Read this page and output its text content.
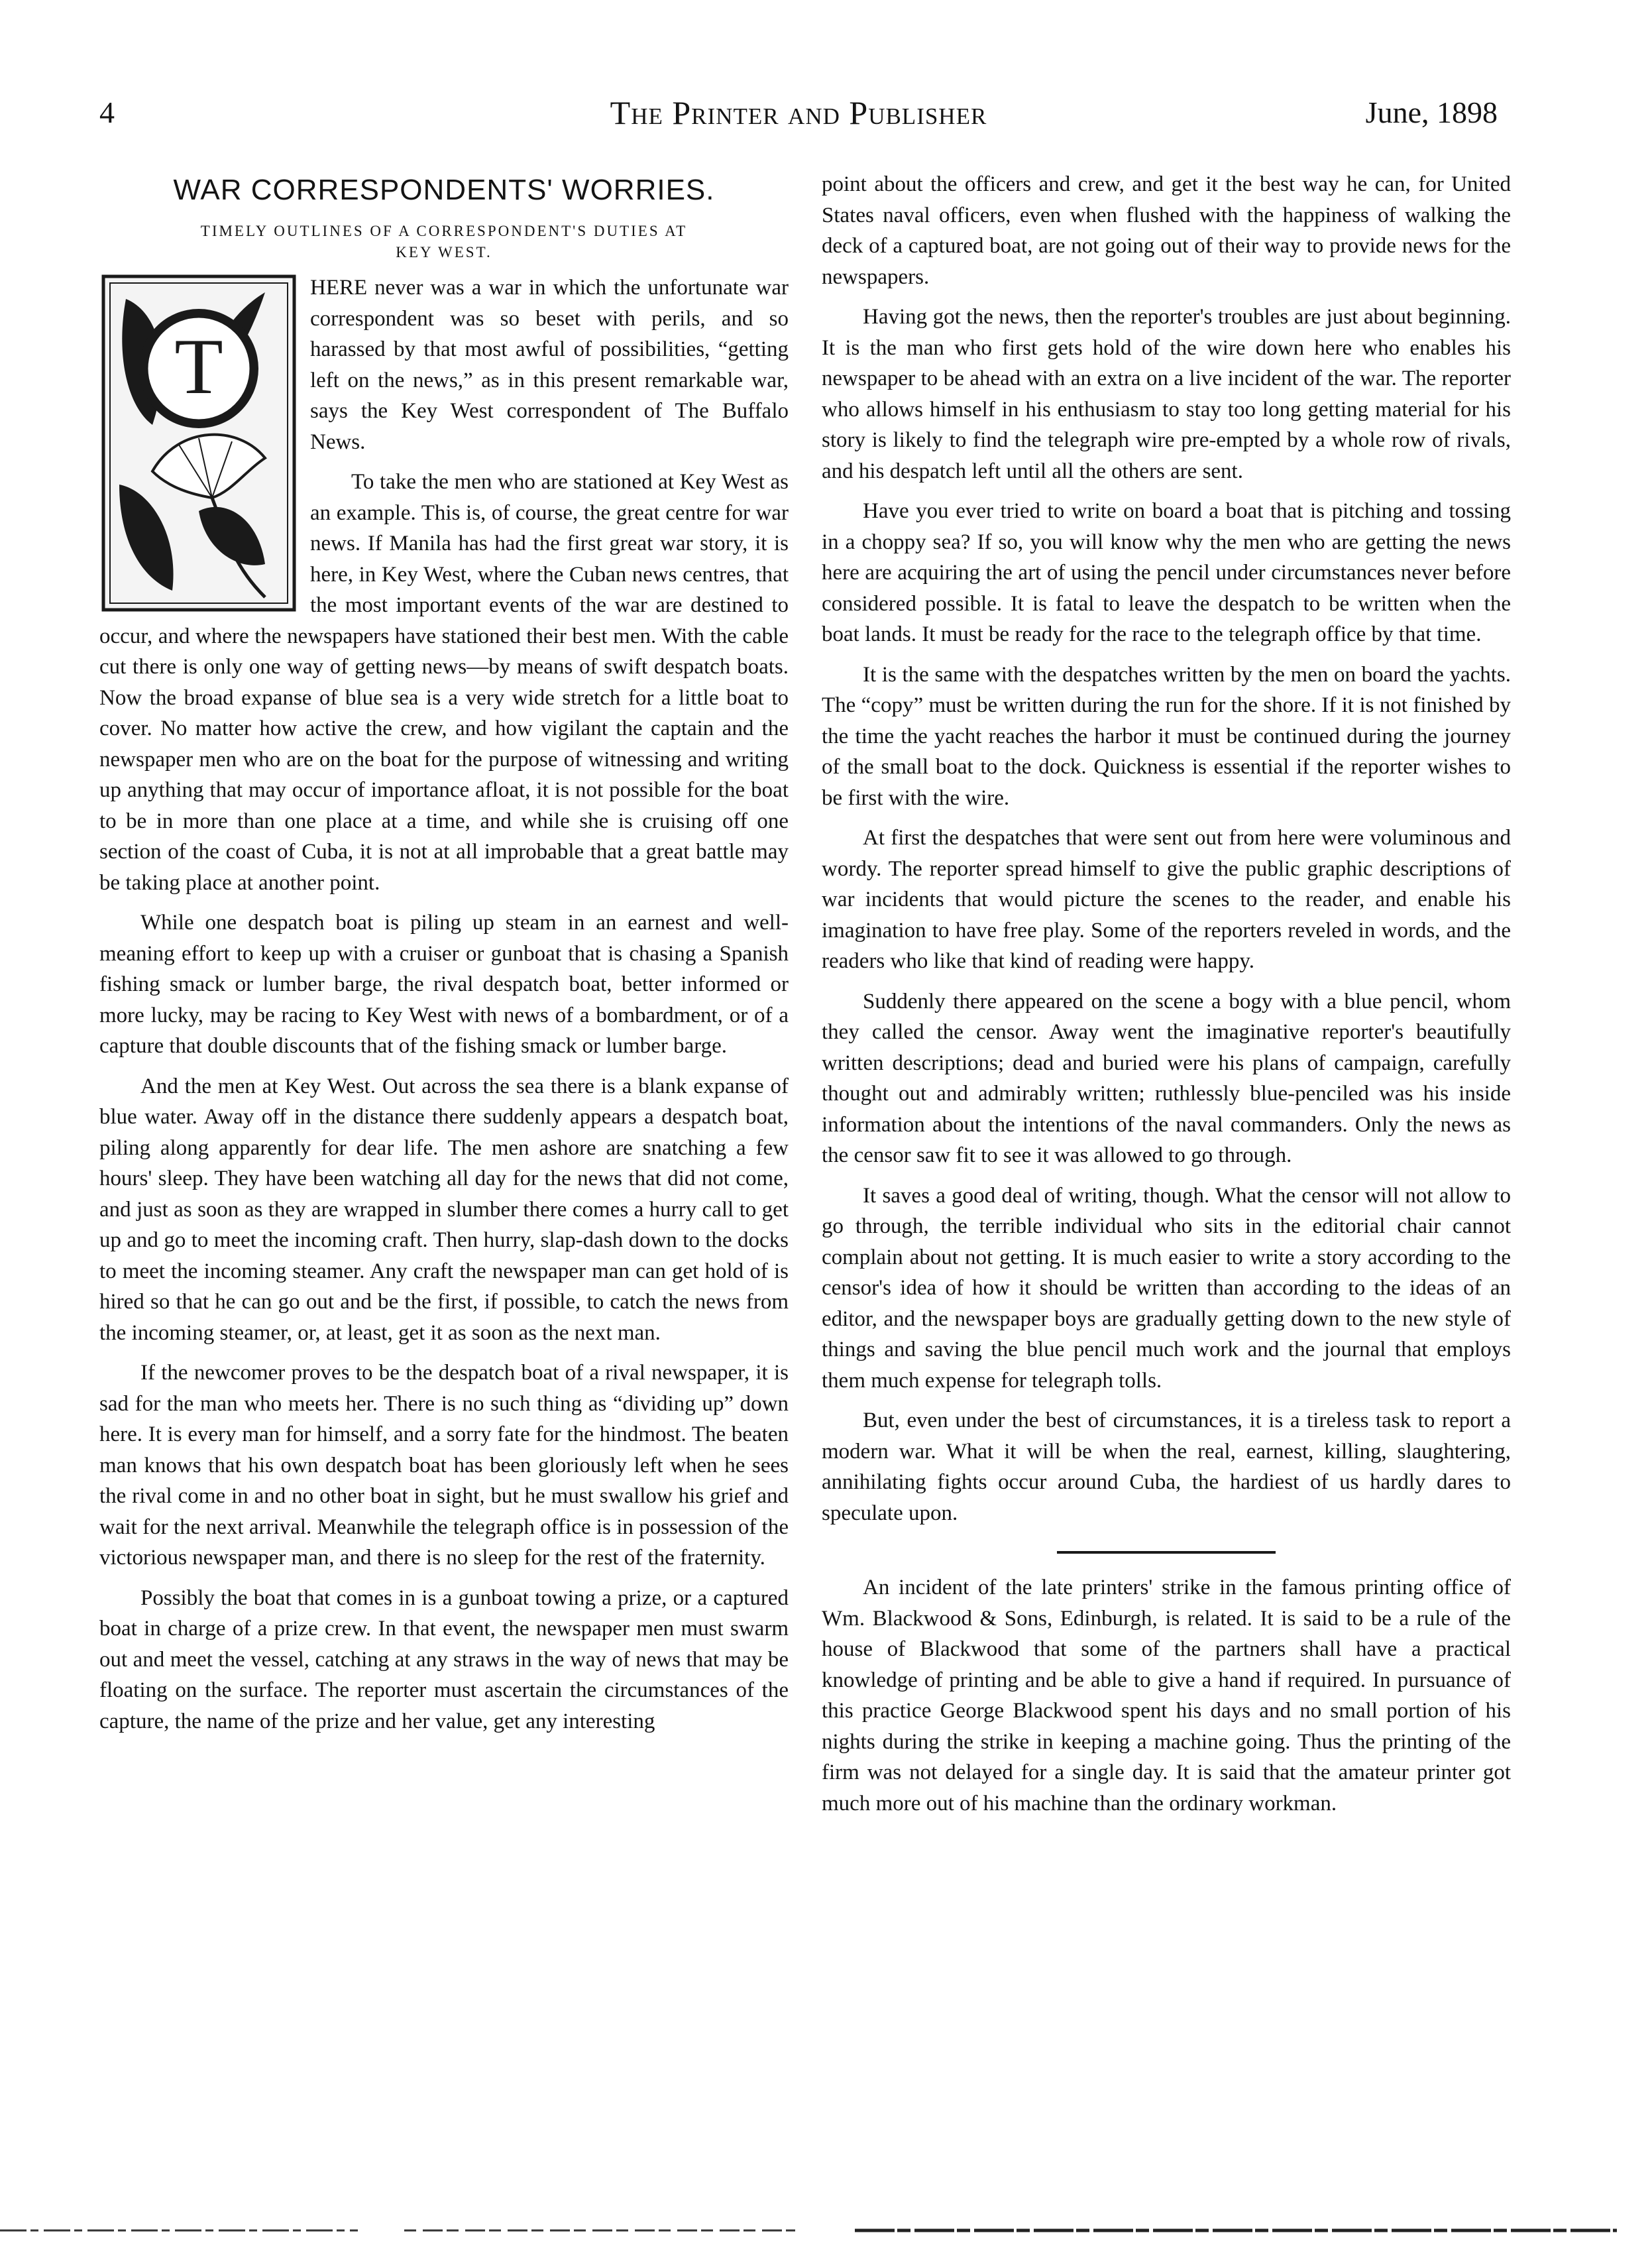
4	The Printer and Publisher	June, 1898
WAR CORRESPONDENTS' WORRIES.
TIMELY OUTLINES OF A CORRESPONDENT'S DUTIES AT KEY WEST.
T

HERE never was a war in which the unfortunate war correspondent was so beset with perils, and so harassed by that most awful of possibilities, “getting left on the news,” as in this present remarkable war, says the Key West correspondent of The Buffalo News.

To take the men who are stationed at Key West as an example. This is, of course, the great centre for war news. If Manila has had the first great war story, it is here, in Key West, where the Cuban news centres, that the most important events of the war are destined to occur, and where the newspapers have stationed their best men. With the cable cut there is only one way of getting news—by means of swift despatch boats. Now the broad expanse of blue sea is a very wide stretch for a little boat to cover. No matter how active the crew, and how vigilant the captain and the newspaper men who are on the boat for the purpose of witnessing and writing up anything that may occur of importance afloat, it is not possible for the boat to be in more than one place at a time, and while she is cruising off one section of the coast of Cuba, it is not at all improbable that a great battle may be taking place at another point.

While one despatch boat is piling up steam in an earnest and well-meaning effort to keep up with a cruiser or gunboat that is chasing a Spanish fishing smack or lumber barge, the rival despatch boat, better informed or more lucky, may be racing to Key West with news of a bombardment, or of a capture that double discounts that of the fishing smack or lumber barge.

And the men at Key West. Out across the sea there is a blank expanse of blue water. Away off in the distance there suddenly appears a despatch boat, piling along apparently for dear life. The men ashore are snatching a few hours' sleep. They have been watching all day for the news that did not come, and just as soon as they are wrapped in slumber there comes a hurry call to get up and go to meet the incoming craft. Then hurry, slap-dash down to the docks to meet the incoming steamer. Any craft the newspaper man can get hold of is hired so that he can go out and be the first, if possible, to catch the news from the incoming steamer, or, at least, get it as soon as the next man.

If the newcomer proves to be the despatch boat of a rival newspaper, it is sad for the man who meets her. There is no such thing as “dividing up” down here. It is every man for himself, and a sorry fate for the hindmost. The beaten man knows that his own despatch boat has been gloriously left when he sees the rival come in and no other boat in sight, but he must swallow his grief and wait for the next arrival. Meanwhile the telegraph office is in possession of the victorious newspaper man, and there is no sleep for the rest of the fraternity.

Possibly the boat that comes in is a gunboat towing a prize, or a captured boat in charge of a prize crew. In that event, the newspaper men must swarm out and meet the vessel, catching at any straws in the way of news that may be floating on the surface. The reporter must ascertain the circumstances of the capture, the name of the prize and her value, get any interesting

point about the officers and crew, and get it the best way he can, for United States naval officers, even when flushed with the happiness of walking the deck of a captured boat, are not going out of their way to provide news for the newspapers.

Having got the news, then the reporter's troubles are just about beginning. It is the man who first gets hold of the wire down here who enables his newspaper to be ahead with an extra on a live incident of the war. The reporter who allows himself in his enthusiasm to stay too long getting material for his story is likely to find the telegraph wire pre-empted by a whole row of rivals, and his despatch left until all the others are sent.

Have you ever tried to write on board a boat that is pitching and tossing in a choppy sea? If so, you will know why the men who are getting the news here are acquiring the art of using the pencil under circumstances never before considered possible. It is fatal to leave the despatch to be written when the boat lands. It must be ready for the race to the telegraph office by that time.

It is the same with the despatches written by the men on board the yachts. The “copy” must be written during the run for the shore. If it is not finished by the time the yacht reaches the harbor it must be continued during the journey of the small boat to the dock. Quickness is essential if the reporter wishes to be first with the wire.

At first the despatches that were sent out from here were voluminous and wordy. The reporter spread himself to give the public graphic descriptions of war incidents that would picture the scenes to the reader, and enable his imagination to have free play. Some of the reporters reveled in words, and the readers who like that kind of reading were happy.

Suddenly there appeared on the scene a bogy with a blue pencil, whom they called the censor. Away went the imaginative reporter's beautifully written descriptions; dead and buried were his plans of campaign, carefully thought out and admirably written; ruthlessly blue-penciled was his inside information about the intentions of the naval commanders. Only the news as the censor saw fit to see it was allowed to go through.

It saves a good deal of writing, though. What the censor will not allow to go through, the terrible individual who sits in the editorial chair cannot complain about not getting. It is much easier to write a story according to the censor's idea of how it should be written than according to the ideas of an editor, and the newspaper boys are gradually getting down to the new style of things and saving the blue pencil much work and the journal that employs them much expense for telegraph tolls.

But, even under the best of circumstances, it is a tireless task to report a modern war. What it will be when the real, earnest, killing, slaughtering, annihilating fights occur around Cuba, the hardiest of us hardly dares to speculate upon.

An incident of the late printers' strike in the famous printing office of Wm. Blackwood & Sons, Edinburgh, is related. It is said to be a rule of the house of Blackwood that some of the partners shall have a practical knowledge of printing and be able to give a hand if required. In pursuance of this practice George Blackwood spent his days and no small portion of his nights during the strike in keeping a machine going. Thus the printing of the firm was not delayed for a single day. It is said that the amateur printer got much more out of his machine than the ordinary workman.
